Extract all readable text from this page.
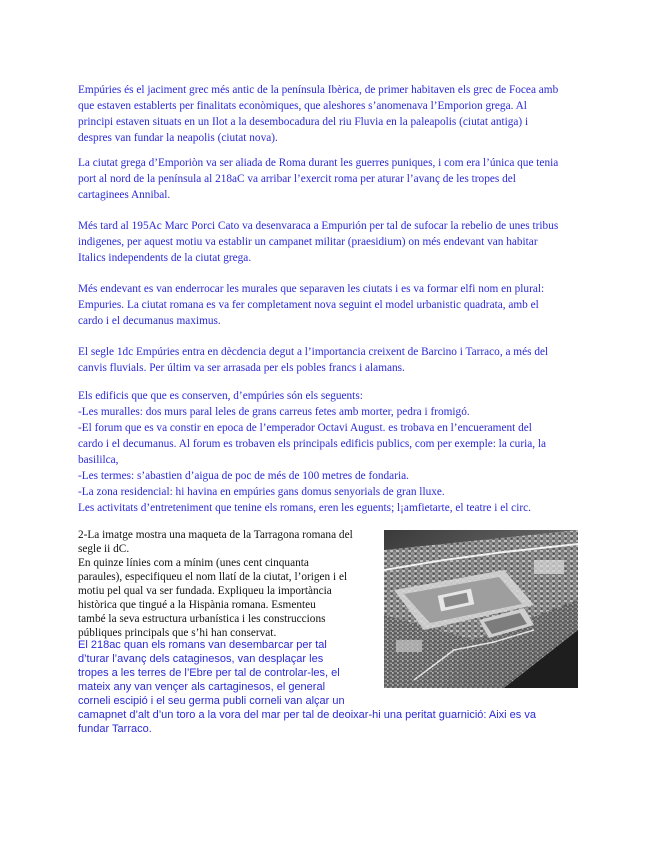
Empúries és el jaciment grec més antic de la península Ibèrica, de primer habitaven els grec de Focea amb
que estaven establerts per finalitats econòmiques, que aleshores s’anomenava l’Emporion grega. Al
principi estaven situats en un Ilot a la desembocadura del riu Fluvia en la paleapolis (ciutat antiga) i
despres van fundar la neapolis (ciutat nova).
La ciutat grega d’Emporiòn va ser aliada de Roma durant les guerres puniques, i com era l’única que tenia
port al nord de la península al 218aC va arribar l’exercit roma per aturar l’avanç de les tropes del
cartaginees Annibal.
Més tard al 195Ac Marc Porci Cato va desenvaraca a Empurión per tal de sufocar la rebelio de unes tribus
indigenes, per aquest motiu va establir un campanet militar (praesidium) on més endevant van habitar
Italics independents de la ciutat grega.
Més endevant es van enderrocar les murales que separaven les ciutats i es va formar elfi nom en plural:
Empuries. La ciutat romana es va fer completament nova seguint el model urbanistic quadrata, amb el
cardo i el decumanus maximus.
El segle 1dc Empúries entra en dècdencia degut a l’importancia creixent de Barcino i Tarraco, a més del
canvis fluvials. Per últim va ser arrasada per els pobles francs i alamans.
Els edificis que que es conserven, d’empúries són els seguents:
-Les muralles: dos murs paral leles de grans carreus fetes amb morter, pedra i fromigó.
-El forum que es va constir en epoca de l’emperador Octavi August. es trobava en l’encuerament del
cardo i el decumanus. Al forum es trobaven els principals edificis publics, com per exemple: la curia, la
basililca,
-Les termes: s’abastien d’aigua de poc de més de 100 metres de fondaria.
-La zona residencial: hi havina en empúries gans domus senyorials de gran lluxe.
Les activitats d’entreteniment que tenine els romans, eren les eguents; l¡amfietarte, el teatre i el circ.
2-La imatge mostra una maqueta de la Tarragona romana del
segle ii dC.
En quinze línies com a mínim (unes cent cinquanta
paraules), especifiqueu el nom llatí de la ciutat, l’origen i el
motiu pel qual va ser fundada. Expliqueu la importància
històrica que tingué a la Hispània romana. Esmenteu
també la seva estructura urbanística i les construccions
públiques principals que s’hi han conservat.
El 218ac quan els romans van desembarcar per tal
d’turar l’avanç dels cataginesos, van desplaçar les
tropes a les terres de l’Ebre per tal de controlar-les, el
mateix any van vençer als cartaginesos, el general
corneli escipió i el seu germa publi corneli van alçar un
camapnet d’alt d’un toro a la vora del mar per tal de deoixar-hi una peritat guarnició: Aixi es va
fundar Tarraco.
